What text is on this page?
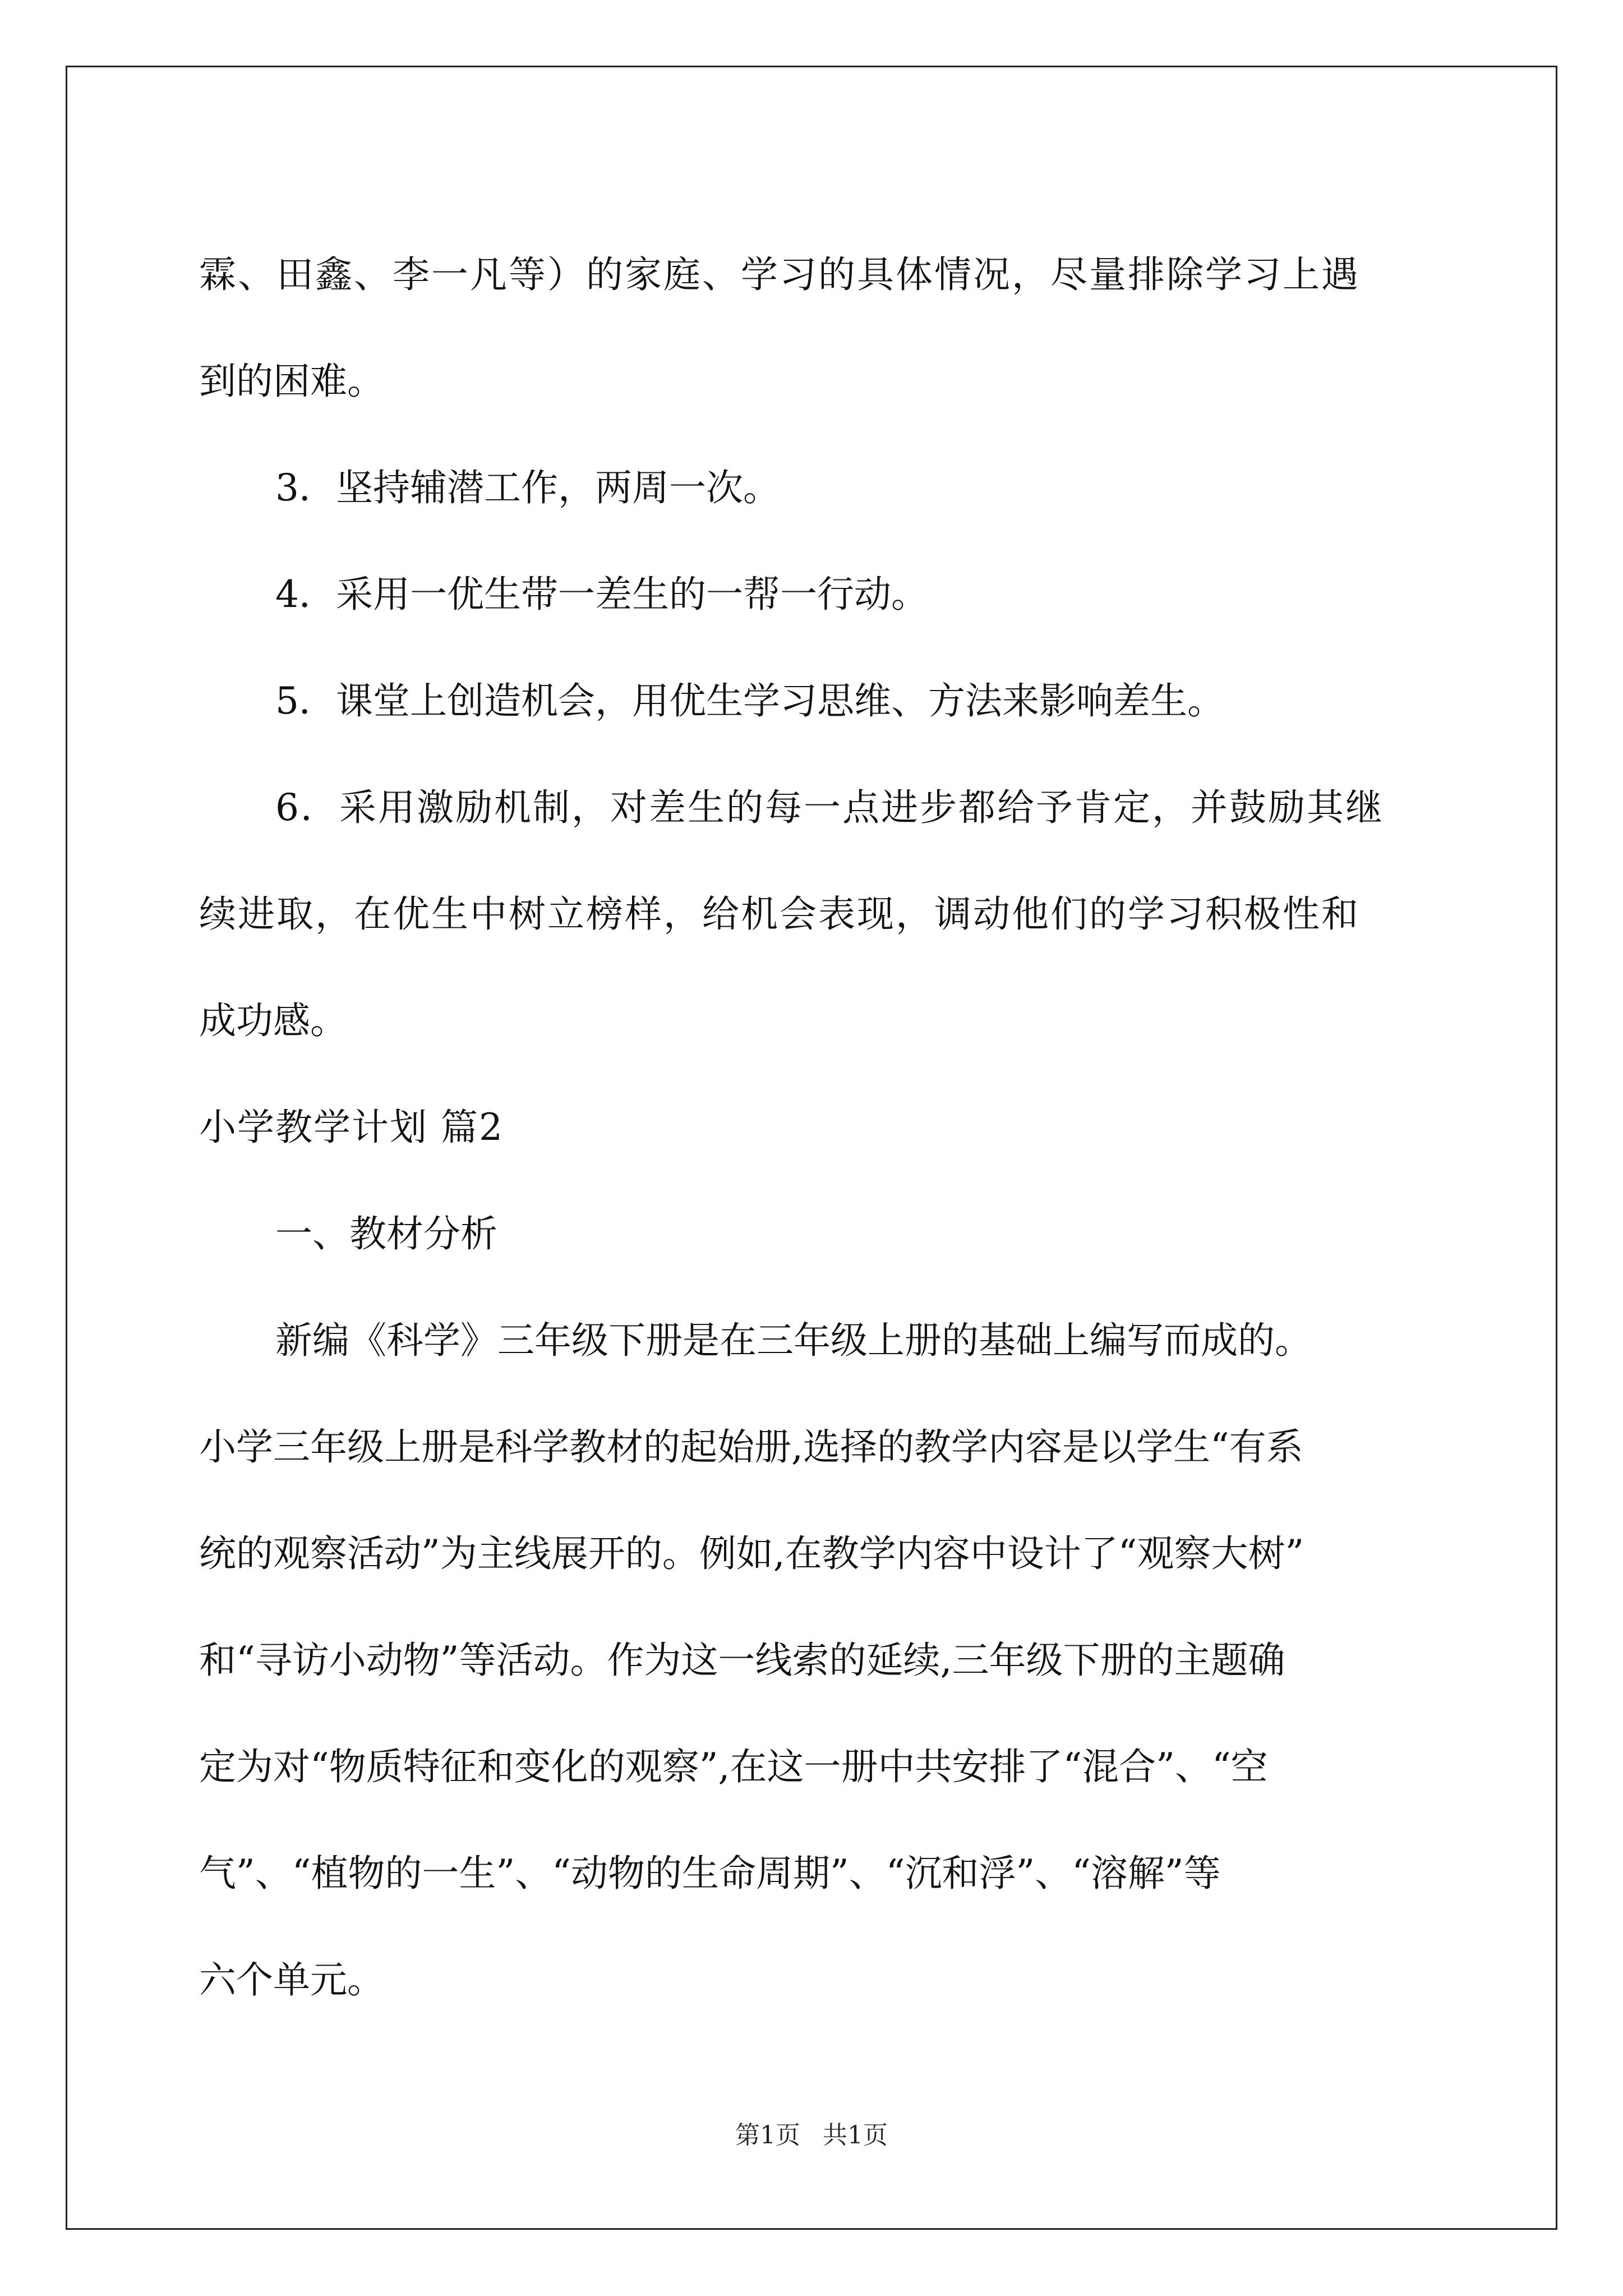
霖、田鑫、李一凡等）的家庭、学习的具体情况，尽量排除学习上遇

到的困难。

3．坚持辅潜工作，两周一次。

4．采用一优生带一差生的一帮一行动。

5．课堂上创造机会，用优生学习思维、方法来影响差生。

6．采用激励机制，对差生的每一点进步都给予肯定，并鼓励其继

续进取，在优生中树立榜样，给机会表现，调动他们的学习积极性和

成功感。

小学教学计划 篇2

一、教材分析

新编《科学》三年级下册是在三年级上册的基础上编写而成的。

小学三年级上册是科学教材的起始册,选择的教学内容是以学生“有系

统的观察活动”为主线展开的。例如,在教学内容中设计了“观察大树”

和“寻访小动物”等活动。作为这一线索的延续,三年级下册的主题确

定为对“物质特征和变化的观察”,在这一册中共安排了“混合”、“空

气”、“植物的一生”、“动物的生命周期”、“沉和浮”、“溶解”等

六个单元。

第1页 共1页
